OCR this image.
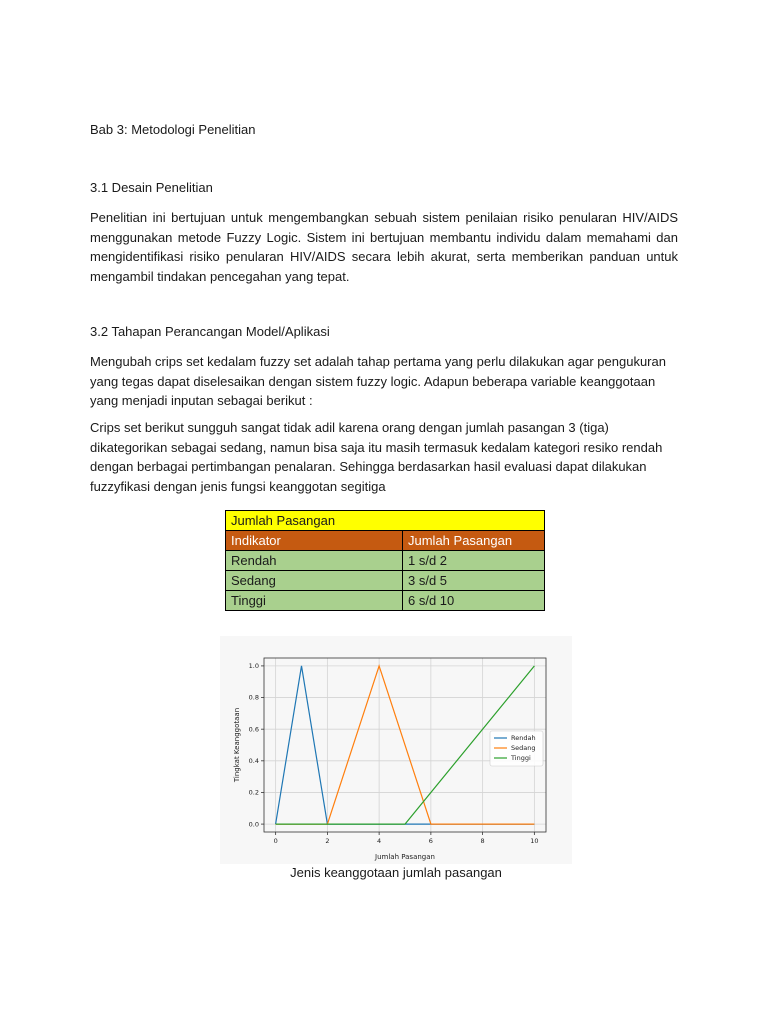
Bab 3: Metodologi Penelitian
3.1 Desain Penelitian

Penelitian ini bertujuan untuk mengembangkan sebuah sistem penilaian risiko penularan HIV/AIDS menggunakan metode Fuzzy Logic. Sistem ini bertujuan membantu individu dalam memahami dan mengidentifikasi risiko penularan HIV/AIDS secara lebih akurat, serta memberikan panduan untuk mengambil tindakan pencegahan yang tepat.

3.2 Tahapan Perancangan Model/Aplikasi

Mengubah crips set kedalam fuzzy set adalah tahap pertama yang perlu dilakukan agar pengukuran yang tegas dapat diselesaikan dengan sistem fuzzy logic. Adapun beberapa variable keanggotaan yang menjadi inputan sebagai berikut :

Crips set berikut sungguh sangat tidak adil karena orang dengan jumlah pasangan 3 (tiga) dikategorikan sebagai sedang, namun bisa saja itu masih termasuk kedalam kategori resiko rendah dengan berbagai pertimbangan penalaran. Sehingga berdasarkan hasil evaluasi dapat dilakukan fuzzyfikasi dengan jenis fungsi keanggotan segitiga

Jumlah Pasangan	
Indikator	Jumlah Pasangan
Rendah	1 s/d 2
Sedang	3 s/d 5
Tinggi	6 s/d 10
0	2	4	6	8	10
0.0
0.2
0.4
0.6
0.8
1.0
Jumlah Pasangan
Tingkat Keanggotaan	Rendah
Sedang
Tinggi
Jenis keanggotaan jumlah pasangan
